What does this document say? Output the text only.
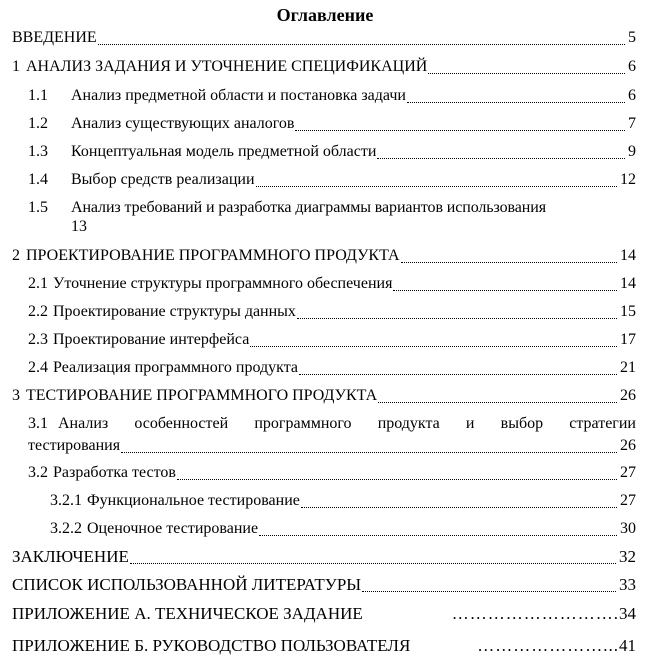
Оглавление
ВВЕДЕНИЕ	5
1 АНАЛИЗ ЗАДАНИЯ И УТОЧНЕНИЕ СПЕЦИФИКАЦИЙ	6
1.1	Анализ предметной области и постановка задачи	6
1.2	Анализ существующих аналогов	7
1.3	Концептуальная модель предметной области	9
1.4	Выбор средств реализации	12
1.5	Анализ требований и разработка диаграммы вариантов использования
13
2 ПРОЕКТИРОВАНИЕ ПРОГРАММНОГО ПРОДУКТА	14
2.1 Уточнение структуры программного обеспечения	14
2.2 Проектирование структуры данных	15
2.3 Проектирование интерфейса	17
2.4 Реализация программного продукта	21
3 ТЕСТИРОВАНИЕ ПРОГРАММНОГО ПРОДУКТА	26
3.1 Анализ особенностей программного продукта и выбор стратегии
тестирования	26
3.2 Разработка тестов	27
3.2.1 Функциональное тестирование	27
3.2.2 Оценочное тестирование	30
ЗАКЛЮЧЕНИЕ	32
СПИСОК ИСПОЛЬЗОВАННОЙ ЛИТЕРАТУРЫ	33
ПРИЛОЖЕНИЕ А. ТЕХНИЧЕСКОЕ ЗАДАНИЕ	………………………. 34
ПРИЛОЖЕНИЕ Б. РУКОВОДСТВО ПОЛЬЗОВАТЕЛЯ	…………………... 41
